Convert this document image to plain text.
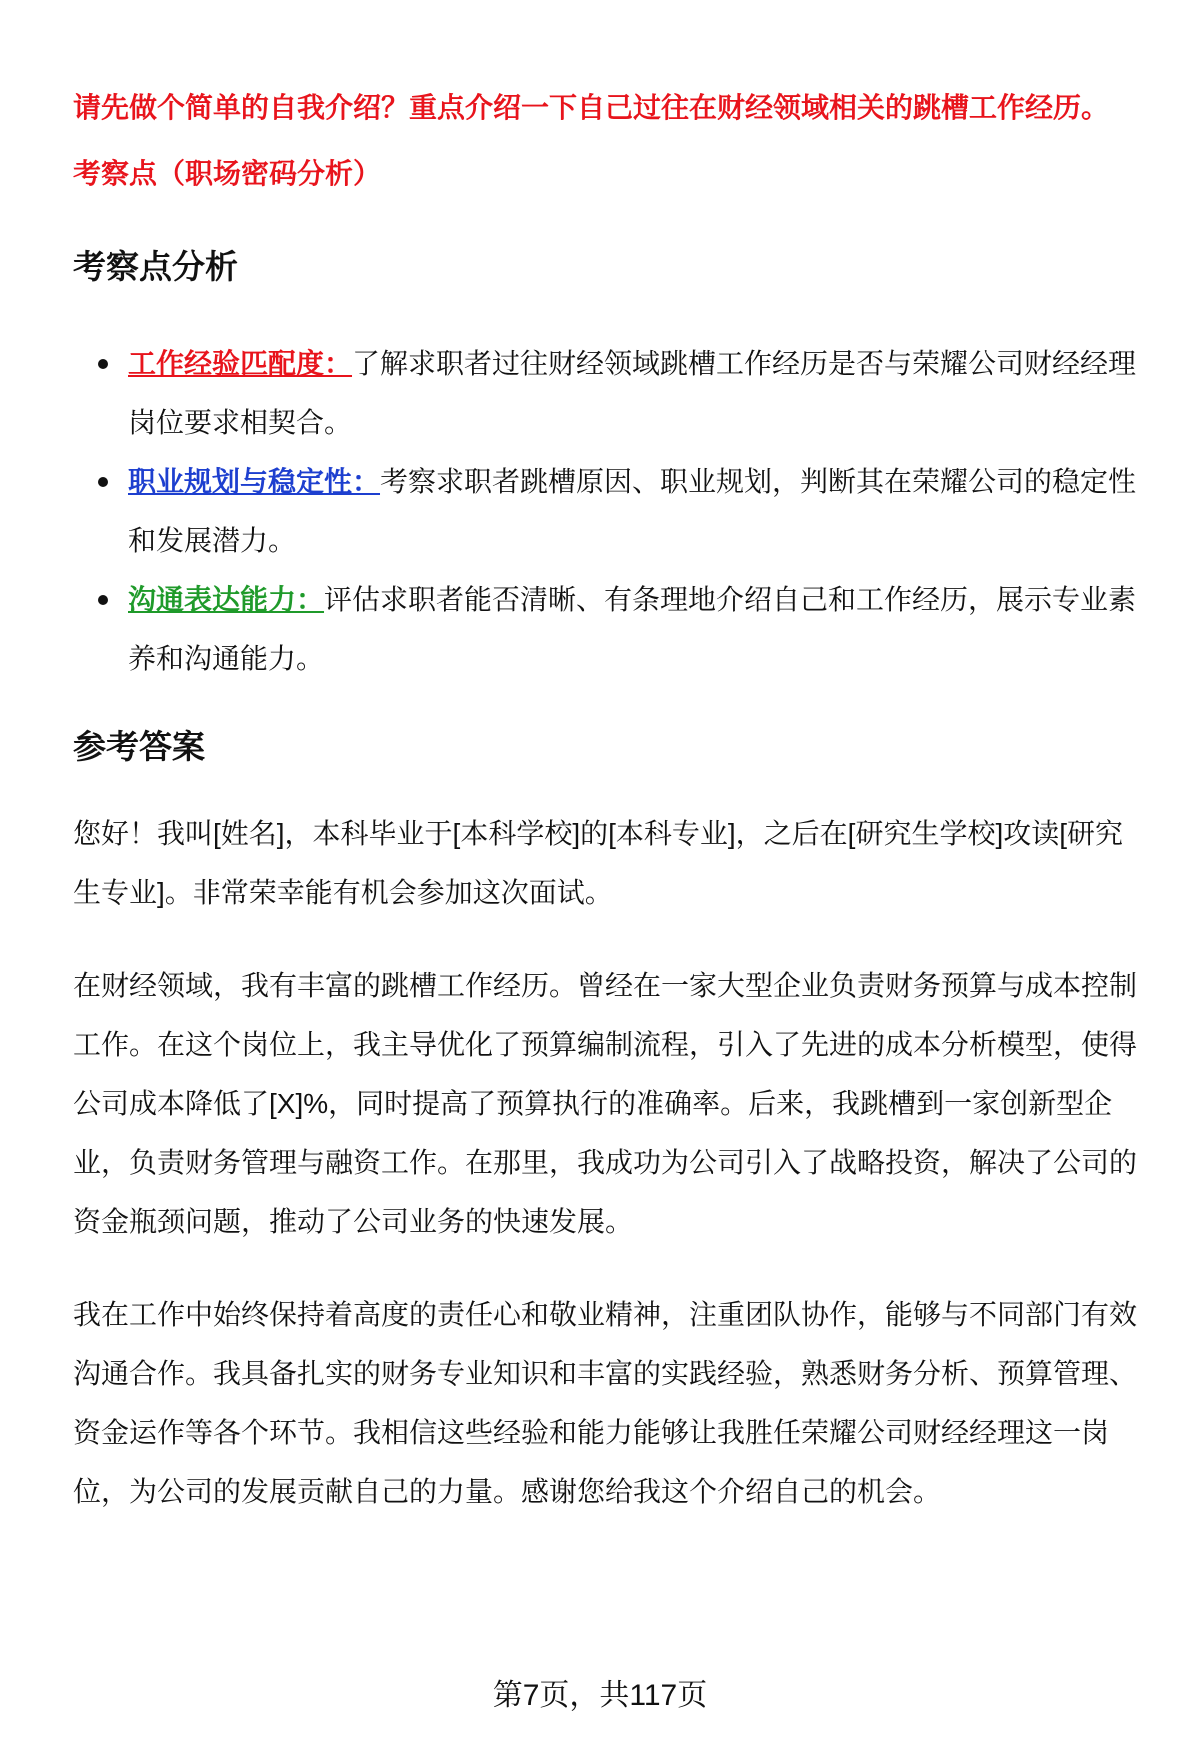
请先做个简单的自我介绍？重点介绍一下自己过往在财经领域相关的跳槽工作经历。

考察点（职场密码分析）

考察点分析
工作经验匹配度：了解求职者过往财经领域跳槽工作经历是否与荣耀公司财经经理岗位要求相契合。
职业规划与稳定性：考察求职者跳槽原因、职业规划，判断其在荣耀公司的稳定性和发展潜力。
沟通表达能力：评估求职者能否清晰、有条理地介绍自己和工作经历，展示专业素养和沟通能力。
参考答案

您好！我叫[姓名]，本科毕业于[本科学校]的[本科专业]，之后在[研究生学校]攻读[研究生专业]。非常荣幸能有机会参加这次面试。

在财经领域，我有丰富的跳槽工作经历。曾经在一家大型企业负责财务预算与成本控制工作。在这个岗位上，我主导优化了预算编制流程，引入了先进的成本分析模型，使得公司成本降低了[X]%，同时提高了预算执行的准确率。后来，我跳槽到一家创新型企业，负责财务管理与融资工作。在那里，我成功为公司引入了战略投资，解决了公司的资金瓶颈问题，推动了公司业务的快速发展。

我在工作中始终保持着高度的责任心和敬业精神，注重团队协作，能够与不同部门有效沟通合作。我具备扎实的财务专业知识和丰富的实践经验，熟悉财务分析、预算管理、资金运作等各个环节。我相信这些经验和能力能够让我胜任荣耀公司财经经理这一岗位，为公司的发展贡献自己的力量。感谢您给我这个介绍自己的机会。

第7页，共117页
